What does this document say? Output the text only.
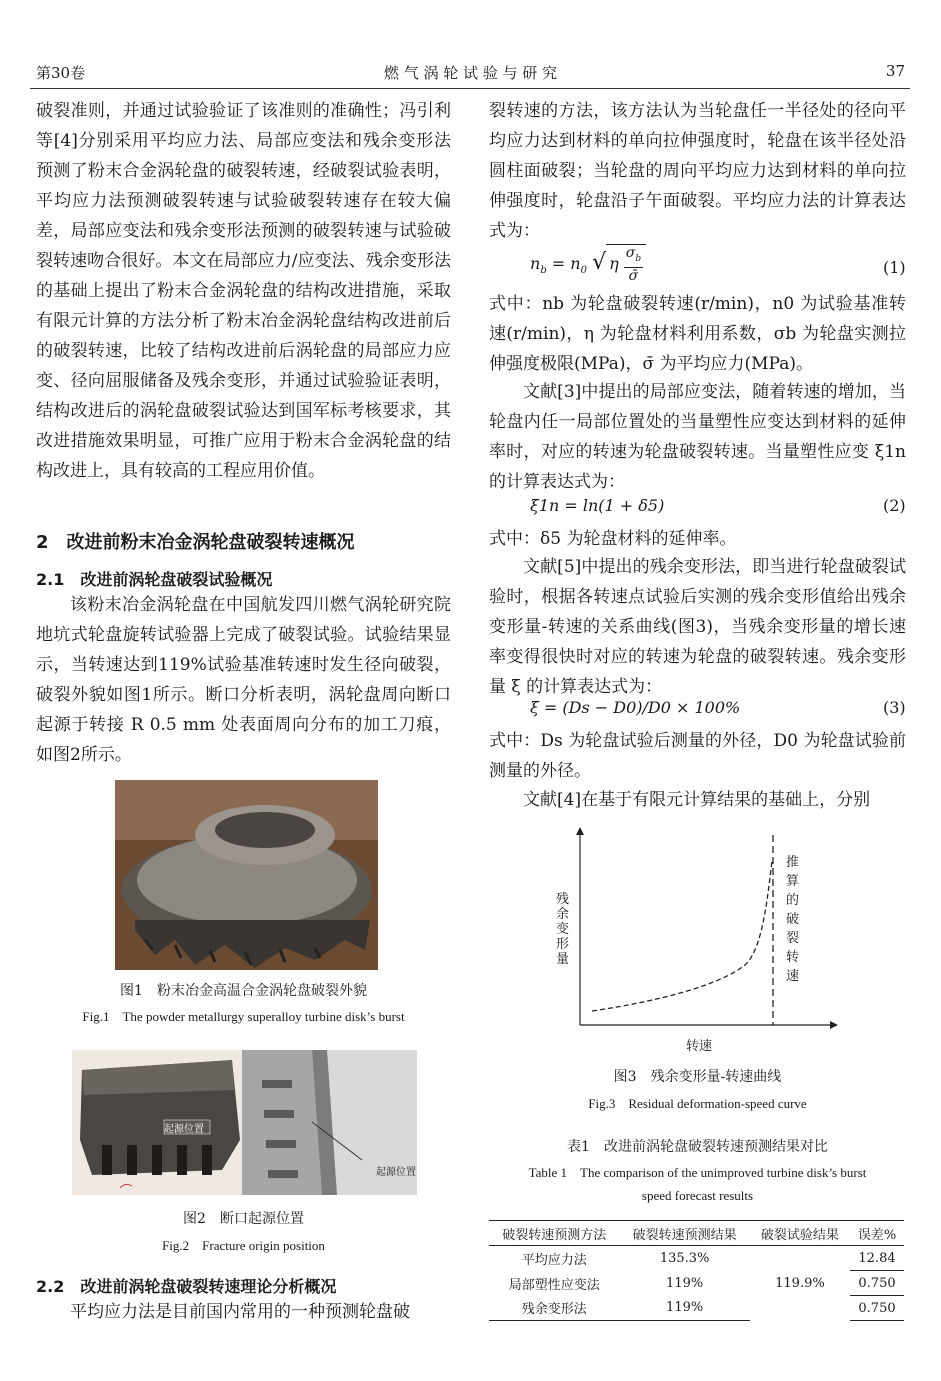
第30卷	燃 气 涡 轮 试 验 与 研 究	37

破裂准则，并通过试验验证了该准则的准确性；冯引利等[4]分别采用平均应力法、局部应变法和残余变形法预测了粉末合金涡轮盘的破裂转速，经破裂试验表明，平均应力法预测破裂转速与试验破裂转速存在较大偏差，局部应变法和残余变形法预测的破裂转速与试验破裂转速吻合很好。本文在局部应力/应变法、残余变形法的基础上提出了粉末合金涡轮盘的结构改进措施，采取有限元计算的方法分析了粉末冶金涡轮盘结构改进前后的破裂转速，比较了结构改进前后涡轮盘的局部应力应变、径向屈服储备及残余变形，并通过试验验证表明，结构改进后的涡轮盘破裂试验达到国军标考核要求，其改进措施效果明显，可推广应用于粉末合金涡轮盘的结构改进上，具有较高的工程应用价值。

2　改进前粉末冶金涡轮盘破裂转速概况
2.1　改进前涡轮盘破裂试验概况

该粉末冶金涡轮盘在中国航发四川燃气涡轮研究院地坑式轮盘旋转试验器上完成了破裂试验。试验结果显示，当转速达到119%试验基准转速时发生径向破裂，破裂外貌如图1所示。断口分析表明，涡轮盘周向断口起源于转接 R 0.5 mm 处表面周向分布的加工刀痕，如图2所示。

图1　粉末冶金高温合金涡轮盘破裂外貌
Fig.1　The powder metallurgy superalloy turbine disk’s burst
起源位置
起源位置
图2　断口起源位置
Fig.2　Fracture origin position
2.2　改进前涡轮盘破裂转速理论分析概况

平均应力法是目前国内常用的一种预测轮盘破

裂转速的方法，该方法认为当轮盘任一半径处的径向平均应力达到材料的单向拉伸强度时，轮盘在该半径处沿圆柱面破裂；当轮盘的周向平均应力达到材料的单向拉伸强度时，轮盘沿子午面破裂。平均应力法的计算表达式为：

$n_b = n_0$ √ η $\frac{\sigma_b}{\sigmā}$	(1)

式中：nb 为轮盘破裂转速(r/min)，n0 为试验基准转速(r/min)，η 为轮盘材料利用系数，σb 为轮盘实测拉伸强度极限(MPa)，σ̄ 为平均应力(MPa)。

文献[3]中提出的局部应变法，随着转速的增加，当轮盘内任一局部位置处的当量塑性应变达到材料的延伸率时，对应的转速为轮盘破裂转速。当量塑性应变 ξ1n 的计算表达式为：

ξ1n = ln(1 + δ5)	(2)

式中：δ5 为轮盘材料的延伸率。

文献[5]中提出的残余变形法，即当进行轮盘破裂试验时，根据各转速点试验后实测的残余变形值给出残余变形量-转速的关系曲线(图3)，当残余变形量的增长速率变得很快时对应的转速为轮盘的破裂转速。残余变形量 ξ 的计算表达式为：

ξ = (Ds − D0)/D0 × 100%	(3)

式中：Ds 为轮盘试验后测量的外径，D0 为轮盘试验前测量的外径。

文献[4]在基于有限元计算结果的基础上，分别

残余变形量
转速
推算的破裂转速
图3　残余变形量-转速曲线
Fig.3　Residual deformation-speed curve
表1　改进前涡轮盘破裂转速预测结果对比
Table 1　The comparison of the unimproved turbine disk’s burst
speed forecast results
破裂转速预测方法	破裂转速预测结果	破裂试验结果	误差%
平均应力法	135.3%	119.9%	12.84
局部塑性应变法	119%		0.750
残余变形法	119%		0.750
